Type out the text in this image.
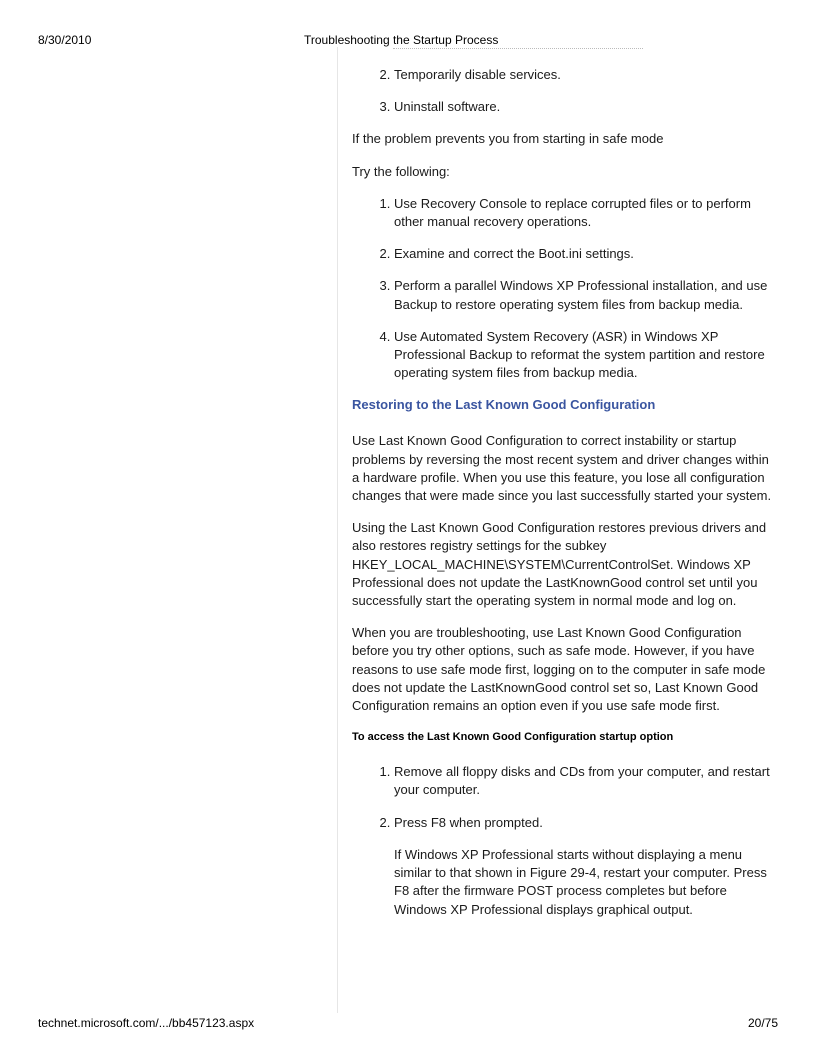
8/30/2010	Troubleshooting the Startup Process
2. Temporarily disable services.
3. Uninstall software.

If the problem prevents you from starting in safe mode

Try the following:

1. Use Recovery Console to replace corrupted files or to perform other manual recovery operations.
2. Examine and correct the Boot.ini settings.
3. Perform a parallel Windows XP Professional installation, and use Backup to restore operating system files from backup media.
4. Use Automated System Recovery (ASR) in Windows XP Professional Backup to reformat the system partition and restore operating system files from backup media.
Restoring to the Last Known Good Configuration

Use Last Known Good Configuration to correct instability or startup problems by reversing the most recent system and driver changes within a hardware profile. When you use this feature, you lose all configuration changes that were made since you last successfully started your system.

Using the Last Known Good Configuration restores previous drivers and also restores registry settings for the subkey HKEY_LOCAL_MACHINE\SYSTEM\CurrentControlSet. Windows XP Professional does not update the LastKnownGood control set until you successfully start the operating system in normal mode and log on.

When you are troubleshooting, use Last Known Good Configuration before you try other options, such as safe mode. However, if you have reasons to use safe mode first, logging on to the computer in safe mode does not update the LastKnownGood control set so, Last Known Good Configuration remains an option even if you use safe mode first.

To access the Last Known Good Configuration startup option
1. Remove all floppy disks and CDs from your computer, and restart your computer.
2. Press F8 when prompted.

If Windows XP Professional starts without displaying a menu similar to that shown in Figure 29-4, restart your computer. Press F8 after the firmware POST process completes but before Windows XP Professional displays graphical output.

technet.microsoft.com/.../bb457123.aspx	20/75
